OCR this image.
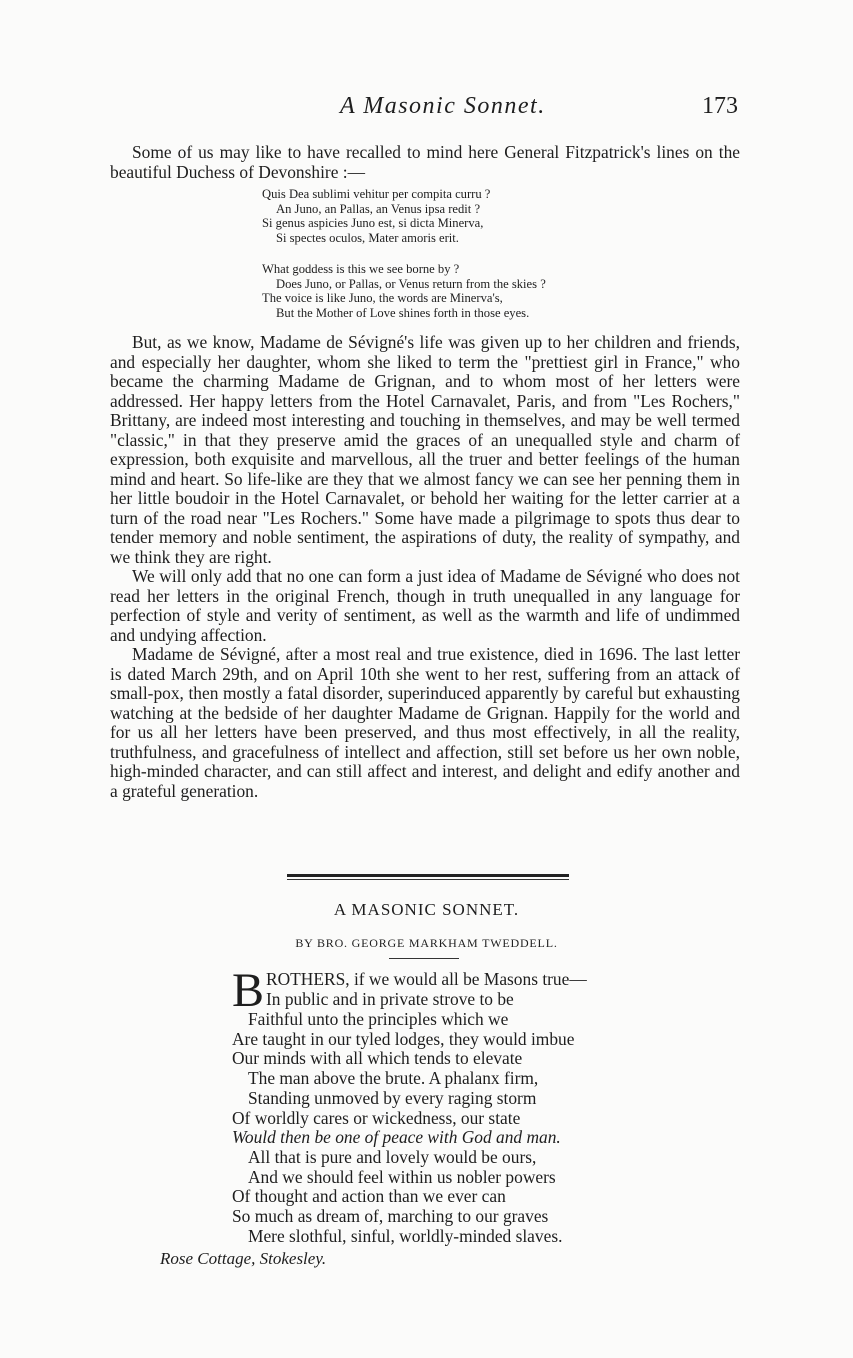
A Masonic Sonnet.	173

Some of us may like to have recalled to mind here General Fitzpatrick's lines on the beautiful Duchess of Devonshire :—

Quis Dea sublimi vehitur per compita curru ?
An Juno, an Pallas, an Venus ipsa redit ?
Si genus aspicies Juno est, si dicta Minerva,
Si spectes oculos, Mater amoris erit.
What goddess is this we see borne by ?
Does Juno, or Pallas, or Venus return from the skies ?
The voice is like Juno, the words are Minerva's,
But the Mother of Love shines forth in those eyes.

But, as we know, Madame de Sévigné's life was given up to her children and friends, and especially her daughter, whom she liked to term the "prettiest girl in France," who became the charming Madame de Grignan, and to whom most of her letters were addressed. Her happy letters from the Hotel Carnavalet, Paris, and from "Les Rochers," Brittany, are indeed most interesting and touching in themselves, and may be well termed "classic," in that they preserve amid the graces of an unequalled style and charm of expression, both exquisite and marvellous, all the truer and better feelings of the human mind and heart. So life-like are they that we almost fancy we can see her penning them in her little boudoir in the Hotel Carnavalet, or behold her waiting for the letter carrier at a turn of the road near "Les Rochers." Some have made a pilgrimage to spots thus dear to tender memory and noble sentiment, the aspirations of duty, the reality of sympathy, and we think they are right.

We will only add that no one can form a just idea of Madame de Sévigné who does not read her letters in the original French, though in truth unequalled in any language for perfection of style and verity of sentiment, as well as the warmth and life of undimmed and undying affection.

Madame de Sévigné, after a most real and true existence, died in 1696. The last letter is dated March 29th, and on April 10th she went to her rest, suffering from an attack of small-pox, then mostly a fatal disorder, superinduced apparently by careful but exhausting watching at the bedside of her daughter Madame de Grignan. Happily for the world and for us all her letters have been preserved, and thus most effectively, in all the reality, truthfulness, and gracefulness of intellect and affection, still set before us her own noble, high-minded character, and can still affect and interest, and delight and edify another and a grateful generation.

A MASONIC SONNET.
BY BRO. GEORGE MARKHAM TWEDDELL.
B ROTHERS, if we would all be Masons true—
In public and in private strove to be
Faithful unto the principles which we
Are taught in our tyled lodges, they would imbue
Our minds with all which tends to elevate
The man above the brute. A phalanx firm,
Standing unmoved by every raging storm
Of worldly cares or wickedness, our state
Would then be one of peace with God and man.
All that is pure and lovely would be ours,
And we should feel within us nobler powers
Of thought and action than we ever can
So much as dream of, marching to our graves
Mere slothful, sinful, worldly-minded slaves.
Rose Cottage, Stokesley.
